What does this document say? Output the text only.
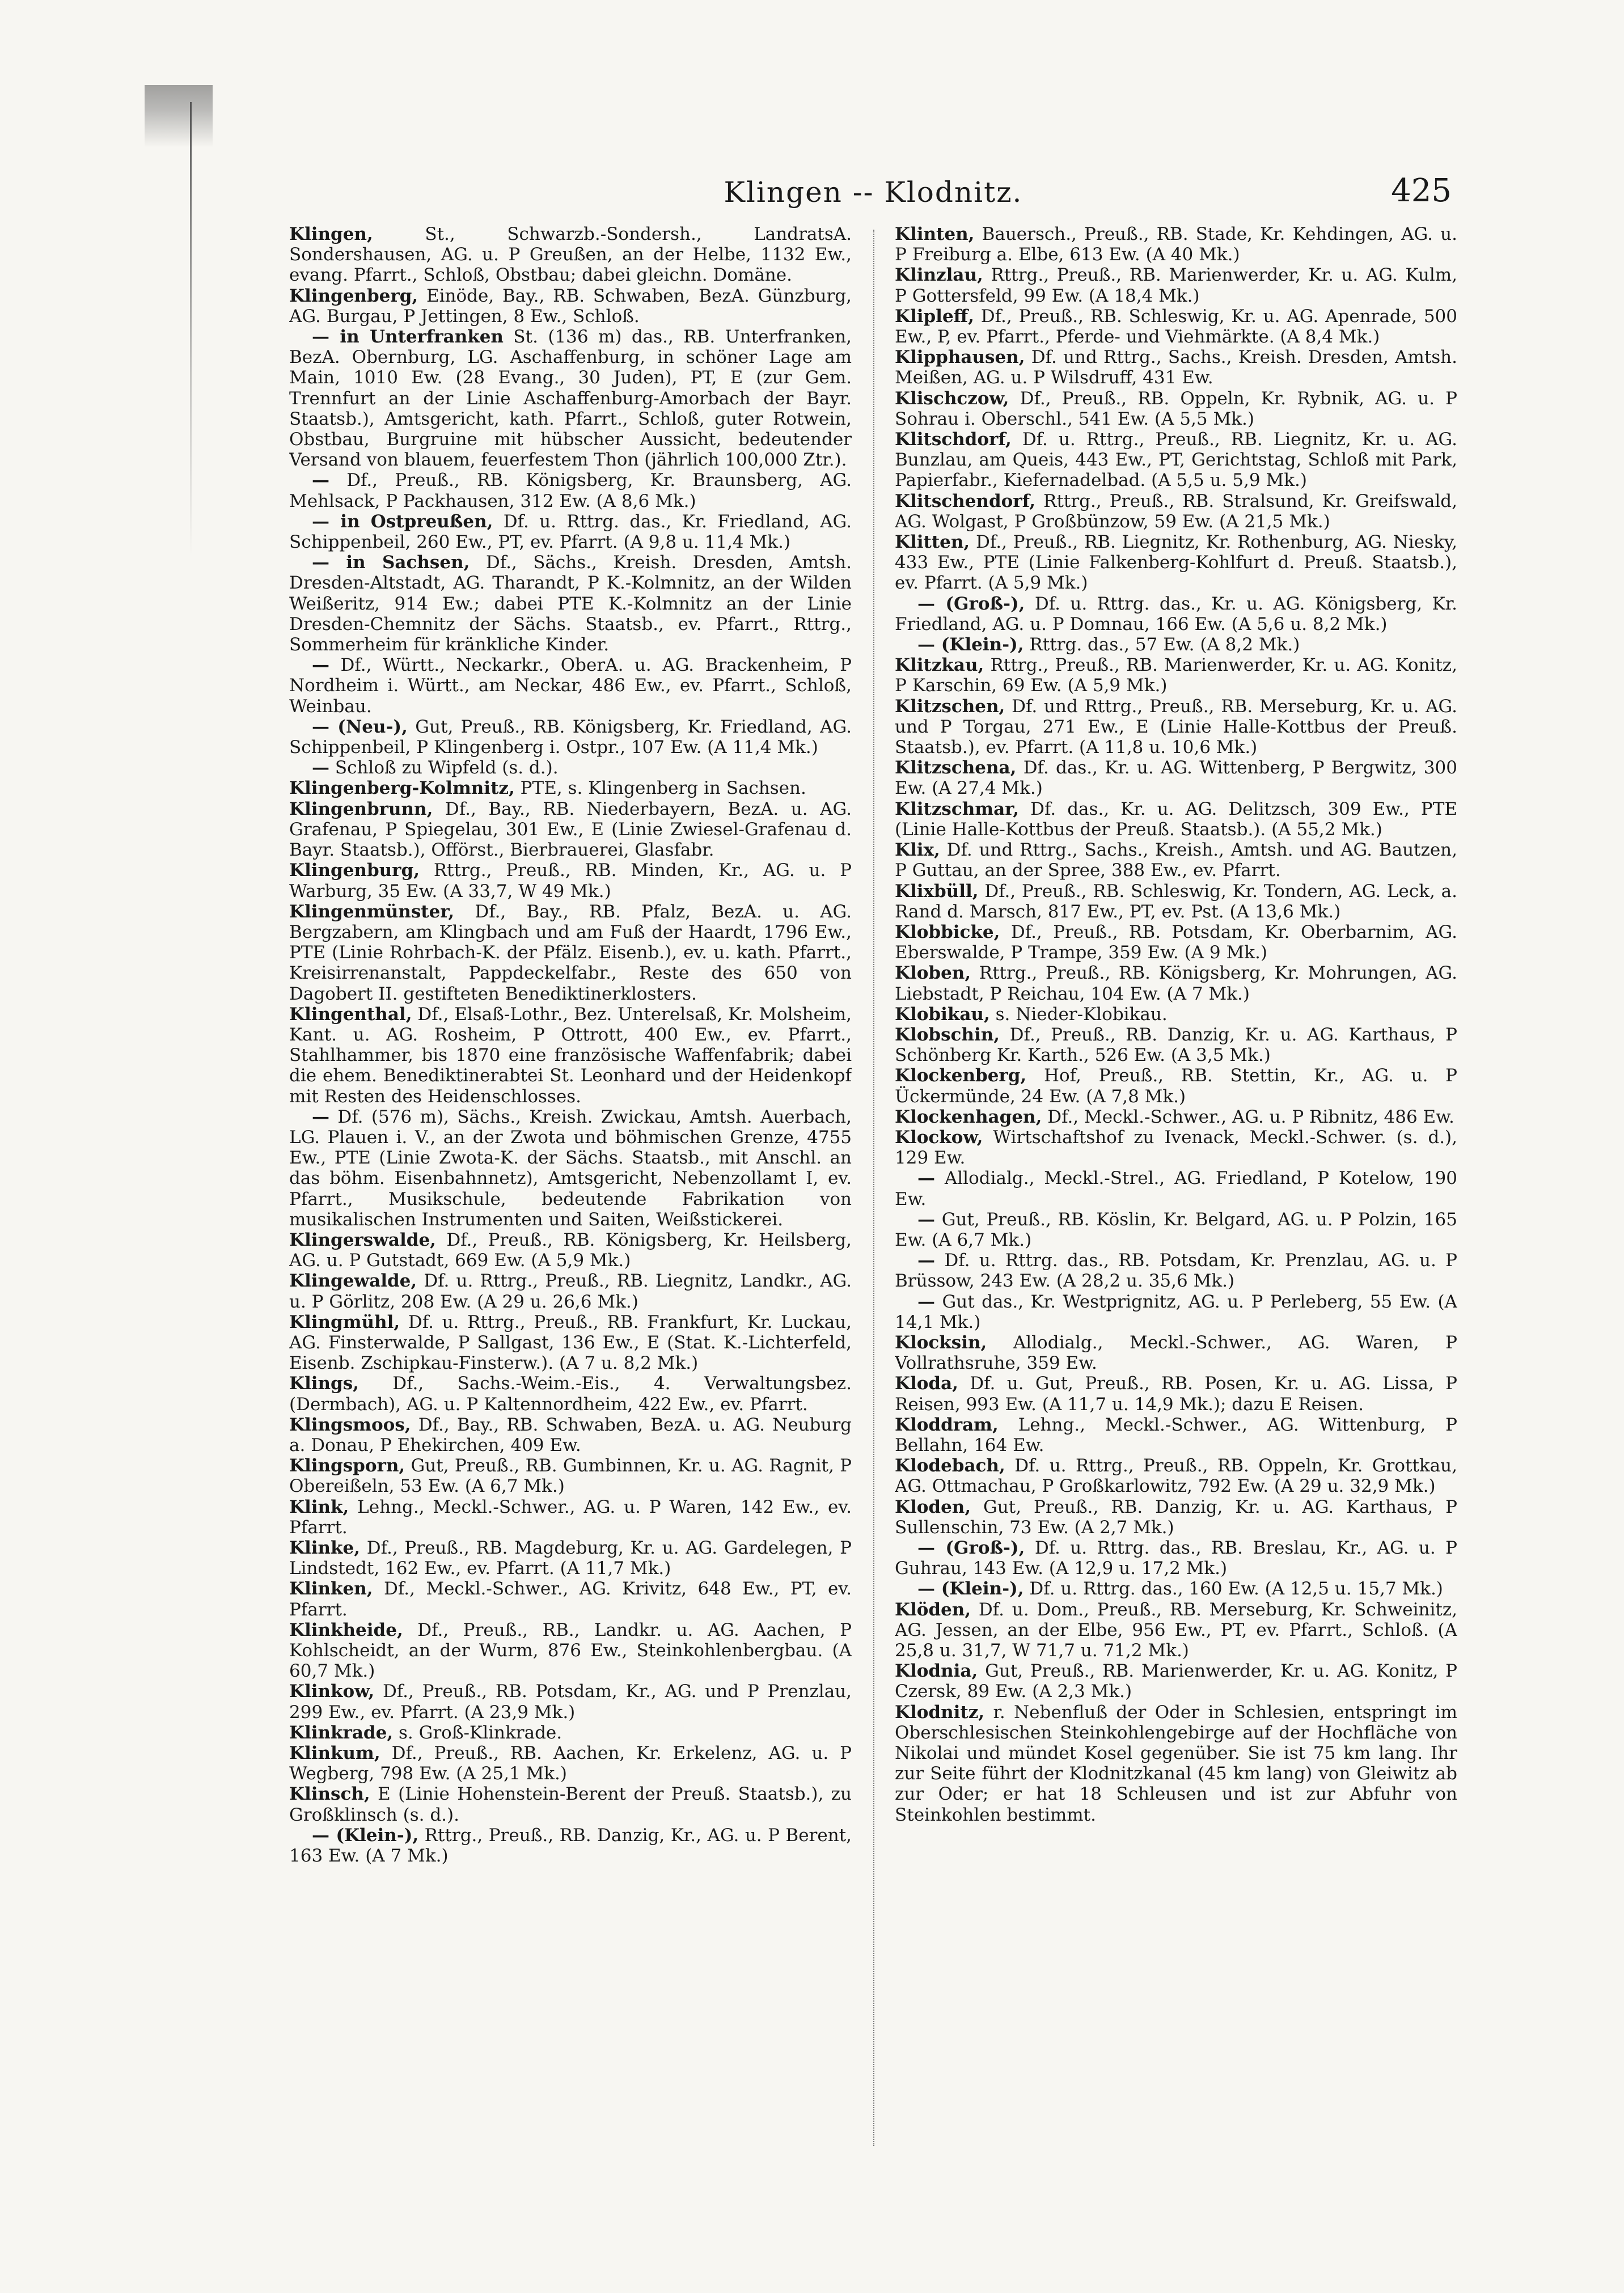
Klingen -- Klodnitz.	425

Klingen,	St., Schwarzb.-Sondersh., LandratsA. Sondershausen, AG. u. P Greußen, an der Helbe, 1132 Ew., evang. Pfarrt., Schloß, Obstbau; dabei gleichn. Domäne.

Klingenberg, Einöde, Bay., RB. Schwaben, BezA. Günzburg, AG. Burgau, P Jettingen, 8 Ew., Schloß.

— in Unterfranken St. (136 m) das., RB. Unterfranken, BezA. Obernburg, LG. Aschaffenburg, in schöner Lage am Main, 1010 Ew. (28 Evang., 30 Juden), PT, E (zur Gem. Trennfurt an der Linie Aschaffenburg-Amorbach der Bayr. Staatsb.), Amtsgericht, kath. Pfarrt., Schloß, guter Rotwein, Obstbau, Burgruine mit hübscher Aussicht, bedeutender Versand von blauem, feuerfestem Thon (jährlich 100,000 Ztr.).

— Df., Preuß., RB. Königsberg, Kr. Braunsberg, AG. Mehlsack, P Packhausen, 312 Ew. (A 8,6 Mk.)

— in Ostpreußen, Df. u. Rttrg. das., Kr. Friedland, AG. Schippenbeil, 260 Ew., PT, ev. Pfarrt. (A 9,8 u. 11,4 Mk.)

— in Sachsen, Df., Sächs., Kreish. Dresden, Amtsh. Dresden-Altstadt, AG. Tharandt, P K.-Kolmnitz, an der Wilden Weißeritz, 914 Ew.; dabei PTE K.-Kolmnitz an der Linie Dresden-Chemnitz der Sächs. Staatsb., ev. Pfarrt., Rttrg., Sommerheim für kränkliche Kinder.

— Df., Württ., Neckarkr., OberA. u. AG. Brackenheim, P Nordheim i. Württ., am Neckar, 486 Ew., ev. Pfarrt., Schloß, Weinbau.

— (Neu-), Gut, Preuß., RB. Königsberg, Kr. Friedland, AG. Schippenbeil, P Klingenberg i. Ostpr., 107 Ew. (A 11,4 Mk.)

— Schloß zu Wipfeld (s. d.).

Klingenberg-Kolmnitz, PTE, s. Klingenberg in Sachsen.

Klingenbrunn, Df., Bay., RB. Niederbayern, BezA. u. AG. Grafenau, P Spiegelau, 301 Ew., E (Linie Zwiesel-Grafenau d. Bayr. Staatsb.), Offörst., Bierbrauerei, Glasfabr.

Klingenburg, Rttrg., Preuß., RB. Minden, Kr., AG. u. P Warburg, 35 Ew. (A 33,7, W 49 Mk.)

Klingenmünster, Df., Bay., RB. Pfalz, BezA. u. AG. Bergzabern, am Klingbach und am Fuß der Haardt, 1796 Ew., PTE (Linie Rohrbach-K. der Pfälz. Eisenb.), ev. u. kath. Pfarrt., Kreisirrenanstalt, Pappdeckelfabr., Reste des 650 von Dagobert II. gestifteten Benediktinerklosters.

Klingenthal, Df., Elsaß-Lothr., Bez. Unterelsaß, Kr. Molsheim, Kant. u. AG. Rosheim, P Ottrott, 400 Ew., ev. Pfarrt., Stahlhammer, bis 1870 eine französische Waffenfabrik; dabei die ehem. Benediktinerabtei St. Leonhard und der Heidenkopf mit Resten des Heidenschlosses.

— Df. (576 m), Sächs., Kreish. Zwickau, Amtsh. Auerbach, LG. Plauen i. V., an der Zwota und böhmischen Grenze, 4755 Ew., PTE (Linie Zwota-K. der Sächs. Staatsb., mit Anschl. an das böhm. Eisenbahnnetz), Amtsgericht, Nebenzollamt I, ev. Pfarrt., Musikschule, bedeutende Fabrikation von musikalischen Instrumenten und Saiten, Weißstickerei.

Klingerswalde, Df., Preuß., RB. Königsberg, Kr. Heilsberg, AG. u. P Gutstadt, 669 Ew. (A 5,9 Mk.)

Klingewalde, Df. u. Rttrg., Preuß., RB. Liegnitz, Landkr., AG. u. P Görlitz, 208 Ew. (A 29 u. 26,6 Mk.)

Klingmühl, Df. u. Rttrg., Preuß., RB. Frankfurt, Kr. Luckau, AG. Finsterwalde, P Sallgast, 136 Ew., E (Stat. K.-Lichterfeld, Eisenb. Zschipkau-Finsterw.). (A 7 u. 8,2 Mk.)

Klings, Df., Sachs.-Weim.-Eis., 4. Verwaltungsbez. (Dermbach), AG. u. P Kaltennordheim, 422 Ew., ev. Pfarrt.

Klingsmoos, Df., Bay., RB. Schwaben, BezA. u. AG. Neuburg a. Donau, P Ehekirchen, 409 Ew.

Klingsporn, Gut, Preuß., RB. Gumbinnen, Kr. u. AG. Ragnit, P Obereißeln, 53 Ew. (A 6,7 Mk.)

Klink, Lehng., Meckl.-Schwer., AG. u. P Waren, 142 Ew., ev. Pfarrt.

Klinke, Df., Preuß., RB. Magdeburg, Kr. u. AG. Gardelegen, P Lindstedt, 162 Ew., ev. Pfarrt. (A 11,7 Mk.)

Klinken, Df., Meckl.-Schwer., AG. Krivitz, 648 Ew., PT, ev. Pfarrt.

Klinkheide, Df., Preuß., RB., Landkr. u. AG. Aachen, P Kohlscheidt, an der Wurm, 876 Ew., Steinkohlenbergbau. (A 60,7 Mk.)

Klinkow, Df., Preuß., RB. Potsdam, Kr., AG. und P Prenzlau, 299 Ew., ev. Pfarrt. (A 23,9 Mk.)

Klinkrade, s. Groß-Klinkrade.

Klinkum, Df., Preuß., RB. Aachen, Kr. Erkelenz, AG. u. P Wegberg, 798 Ew. (A 25,1 Mk.)

Klinsch, E (Linie Hohenstein-Berent der Preuß. Staatsb.), zu Großklinsch (s. d.).

— (Klein-), Rttrg., Preuß., RB. Danzig, Kr., AG. u. P Berent, 163 Ew. (A 7 Mk.)

Klinten, Bauersch., Preuß., RB. Stade, Kr. Kehdingen, AG. u. P Freiburg a. Elbe, 613 Ew. (A 40 Mk.)

Klinzlau, Rttrg., Preuß., RB. Marienwerder, Kr. u. AG. Kulm, P Gottersfeld, 99 Ew. (A 18,4 Mk.)

Klipleff, Df., Preuß., RB. Schleswig, Kr. u. AG. Apenrade, 500 Ew., P, ev. Pfarrt., Pferde- und Viehmärkte. (A 8,4 Mk.)

Klipphausen, Df. und Rttrg., Sachs., Kreish. Dresden, Amtsh. Meißen, AG. u. P Wilsdruff, 431 Ew.

Klischczow, Df., Preuß., RB. Oppeln, Kr. Rybnik, AG. u. P Sohrau i. Oberschl., 541 Ew. (A 5,5 Mk.)

Klitschdorf, Df. u. Rttrg., Preuß., RB. Liegnitz, Kr. u. AG. Bunzlau, am Queis, 443 Ew., PT, Gerichtstag, Schloß mit Park, Papierfabr., Kiefernadelbad. (A 5,5 u. 5,9 Mk.)

Klitschendorf, Rttrg., Preuß., RB. Stralsund, Kr. Greifswald, AG. Wolgast, P Großbünzow, 59 Ew. (A 21,5 Mk.)

Klitten, Df., Preuß., RB. Liegnitz, Kr. Rothenburg, AG. Niesky, 433 Ew., PTE (Linie Falkenberg-Kohlfurt d. Preuß. Staatsb.), ev. Pfarrt. (A 5,9 Mk.)

— (Groß-), Df. u. Rttrg. das., Kr. u. AG. Königsberg, Kr. Friedland, AG. u. P Domnau, 166 Ew. (A 5,6 u. 8,2 Mk.)

— (Klein-), Rttrg. das., 57 Ew. (A 8,2 Mk.)

Klitzkau, Rttrg., Preuß., RB. Marienwerder, Kr. u. AG. Konitz, P Karschin, 69 Ew. (A 5,9 Mk.)

Klitzschen, Df. und Rttrg., Preuß., RB. Merseburg, Kr. u. AG. und P Torgau, 271 Ew., E (Linie Halle-Kottbus der Preuß. Staatsb.), ev. Pfarrt. (A 11,8 u. 10,6 Mk.)

Klitzschena, Df. das., Kr. u. AG. Wittenberg, P Bergwitz, 300 Ew. (A 27,4 Mk.)

Klitzschmar, Df. das., Kr. u. AG. Delitzsch, 309 Ew., PTE (Linie Halle-Kottbus der Preuß. Staatsb.). (A 55,2 Mk.)

Klix, Df. und Rttrg., Sachs., Kreish., Amtsh. und AG. Bautzen, P Guttau, an der Spree, 388 Ew., ev. Pfarrt.

Klixbüll, Df., Preuß., RB. Schleswig, Kr. Tondern, AG. Leck, a. Rand d. Marsch, 817 Ew., PT, ev. Pst. (A 13,6 Mk.)

Klobbicke, Df., Preuß., RB. Potsdam, Kr. Oberbarnim, AG. Eberswalde, P Trampe, 359 Ew. (A 9 Mk.)

Kloben, Rttrg., Preuß., RB. Königsberg, Kr. Mohrungen, AG. Liebstadt, P Reichau, 104 Ew. (A 7 Mk.)

Klobikau, s. Nieder-Klobikau.

Klobschin, Df., Preuß., RB. Danzig, Kr. u. AG. Karthaus, P Schönberg Kr. Karth., 526 Ew. (A 3,5 Mk.)

Klockenberg, Hof, Preuß., RB. Stettin, Kr., AG. u. P Ückermünde, 24 Ew. (A 7,8 Mk.)

Klockenhagen, Df., Meckl.-Schwer., AG. u. P Ribnitz, 486 Ew.

Klockow, Wirtschaftshof zu Ivenack, Meckl.-Schwer. (s. d.), 129 Ew.

— Allodialg., Meckl.-Strel., AG. Friedland, P Kotelow, 190 Ew.

— Gut, Preuß., RB. Köslin, Kr. Belgard, AG. u. P Polzin, 165 Ew. (A 6,7 Mk.)

— Df. u. Rttrg. das., RB. Potsdam, Kr. Prenzlau, AG. u. P Brüssow, 243 Ew. (A 28,2 u. 35,6 Mk.)

— Gut das., Kr. Westprignitz, AG. u. P Perleberg, 55 Ew. (A 14,1 Mk.)

Klocksin, Allodialg., Meckl.-Schwer., AG. Waren, P Vollrathsruhe, 359 Ew.

Kloda, Df. u. Gut, Preuß., RB. Posen, Kr. u. AG. Lissa, P Reisen, 993 Ew. (A 11,7 u. 14,9 Mk.); dazu E Reisen.

Kloddram, Lehng., Meckl.-Schwer., AG. Wittenburg, P Bellahn, 164 Ew.

Klodebach, Df. u. Rttrg., Preuß., RB. Oppeln, Kr. Grottkau, AG. Ottmachau, P Großkarlowitz, 792 Ew. (A 29 u. 32,9 Mk.)

Kloden, Gut, Preuß., RB. Danzig, Kr. u. AG. Karthaus, P Sullenschin, 73 Ew. (A 2,7 Mk.)

— (Groß-), Df. u. Rttrg. das., RB. Breslau, Kr., AG. u. P Guhrau, 143 Ew. (A 12,9 u. 17,2 Mk.)

— (Klein-), Df. u. Rttrg. das., 160 Ew. (A 12,5 u. 15,7 Mk.)

Klöden, Df. u. Dom., Preuß., RB. Merseburg, Kr. Schweinitz, AG. Jessen, an der Elbe, 956 Ew., PT, ev. Pfarrt., Schloß. (A 25,8 u. 31,7, W 71,7 u. 71,2 Mk.)

Klodnia, Gut, Preuß., RB. Marienwerder, Kr. u. AG. Konitz, P Czersk, 89 Ew. (A 2,3 Mk.)

Klodnitz, r. Nebenfluß der Oder in Schlesien, entspringt im Oberschlesischen Steinkohlengebirge auf der Hochfläche von Nikolai und mündet Kosel gegenüber. Sie ist 75 km lang. Ihr zur Seite führt der Klodnitzkanal (45 km lang) von Gleiwitz ab zur Oder; er hat 18 Schleusen und ist zur Abfuhr von Steinkohlen bestimmt.
